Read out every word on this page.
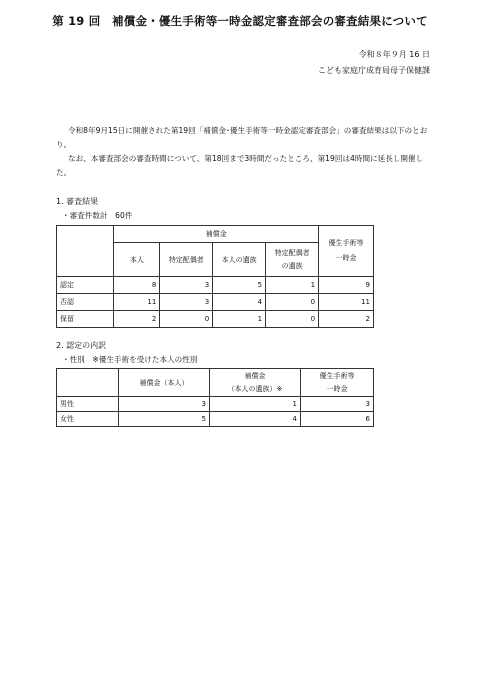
第 19 回　補償金・優生手術等一時金認定審査部会の審査結果について
令和８年９月 16 日
こども家庭庁成育局母子保健課
令和8年9月15日に開催された第19回「補償金･優生手術等一時金認定審査部会」の審査結果は以下のとおり。
なお、本審査部会の審査時間について、第18回まで3時間だったところ、第19回は4時間に延長し開催した。
1. 審査結果
・審査件数計　60件
	補償金				優生手術等
一時金
	本人	特定配偶者	本人の遺族	特定配偶者
の遺族	
認定	8	3	5	1	9
否認	11	3	4	0	11
保留	2	0	1	0	2
2. 認定の内訳
・性別　※優生手術を受けた本人の性別
	補償金（本人）	補償金
（本人の遺族）※	優生手術等
一時金
男性	3	1	3
女性	5	4	6
